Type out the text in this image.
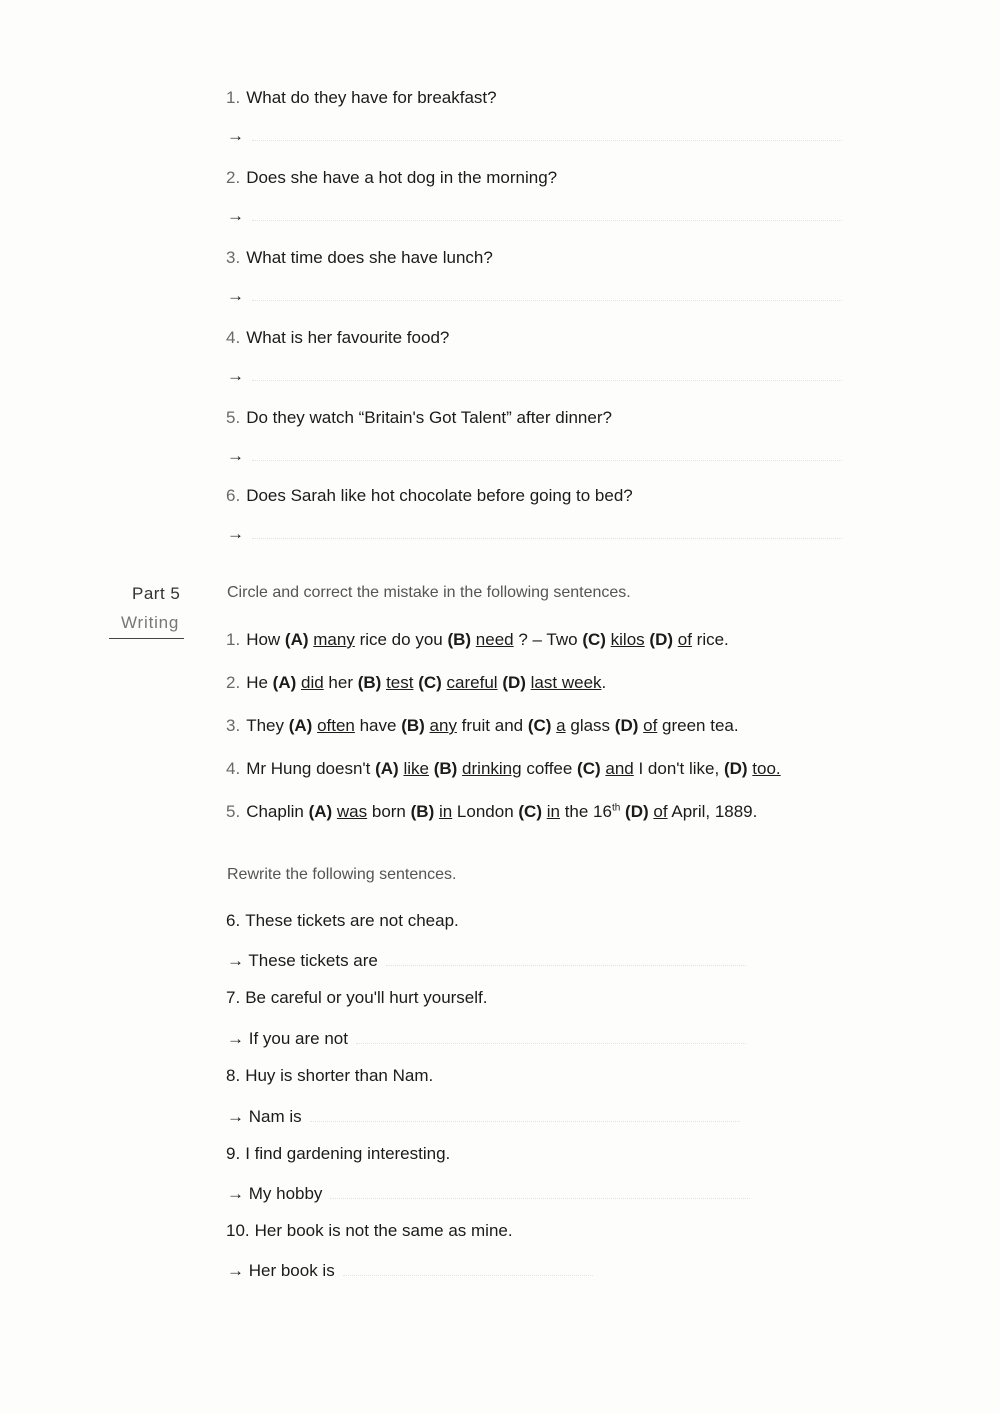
1. What do they have for breakfast?
→
2. Does she have a hot dog in the morning?
→
3. What time does she have lunch?
→
4. What is her favourite food?
→
5. Do they watch “Britain's Got Talent” after dinner?
→
6. Does Sarah like hot chocolate before going to bed?
→
Part 5
Writing
Circle and correct the mistake in the following sentences.
1. How (A) many rice do you (B) need ? – Two (C) kilos (D) of rice.
2. He (A) did her (B) test (C) careful (D) last week.
3. They (A) often have (B) any fruit and (C) a glass (D) of green tea.
4. Mr Hung doesn't (A) like (B) drinking coffee (C) and I don't like, (D) too.
5. Chaplin (A) was born (B) in London (C) in the 16th (D) of April, 1889.
Rewrite the following sentences.
6. These tickets are not cheap.
→ These tickets are
7. Be careful or you'll hurt yourself.
→ If you are not
8. Huy is shorter than Nam.
→ Nam is
9. I find gardening interesting.
→ My hobby
10. Her book is not the same as mine.
→ Her book is
